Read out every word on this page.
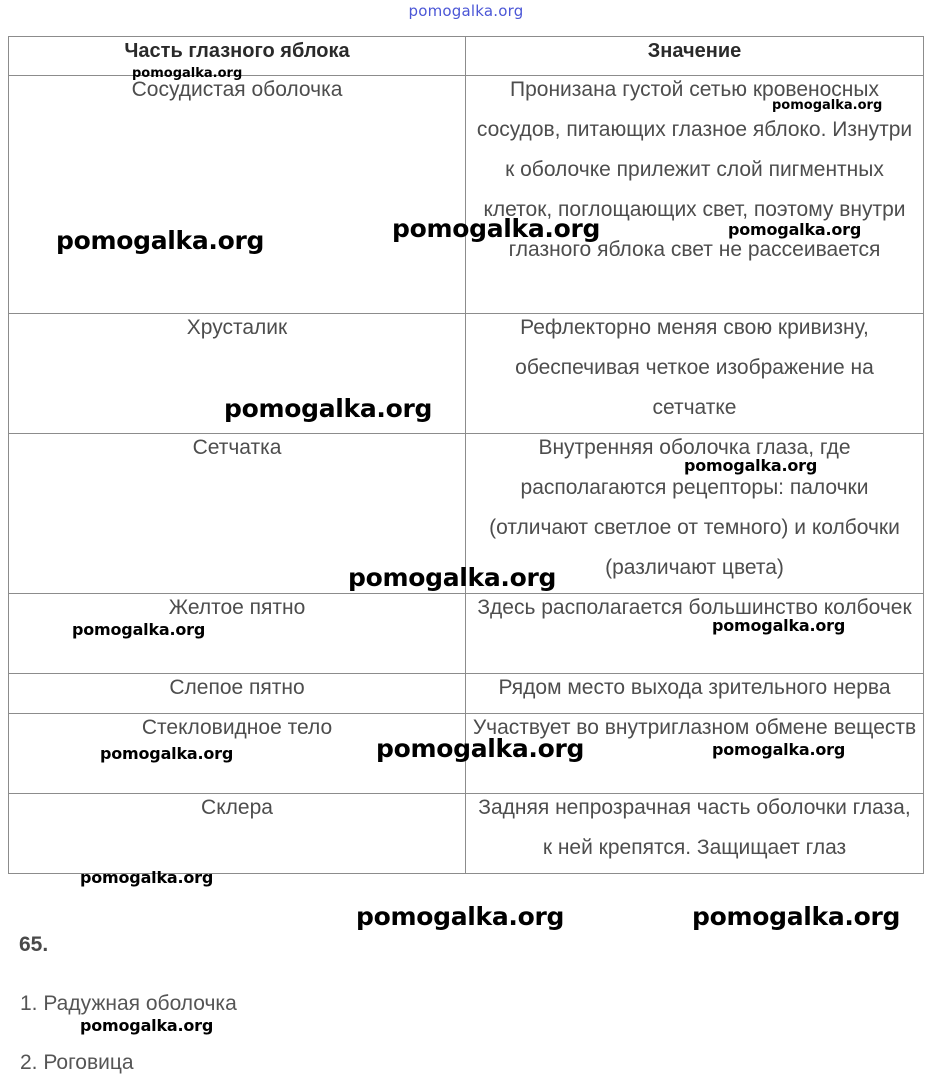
pomogalka.org
Часть глазного яблока	Значение

Сосудистая оболочка	Пронизана густой сетью кровеносных сосудов, питающих глазное яблоко. Изнутри к оболочке прилежит слой пигментных клеток, поглощающих свет, поэтому внутри глазного яблока свет не рассеивается

Хрусталик	Рефлекторно меняя свою кривизну, обеспечивая четкое изображение на сетчатке

Сетчатка	Внутренняя оболочка глаза, где располагаются рецепторы: палочки (отличают светлое от темного) и колбочки (различают цвета)

Желтое пятно	Здесь располагается большинство колбочек

Слепое пятно	Рядом место выхода зрительного нерва

Стекловидное тело	Участвует во внутриглазном обмене веществ

Склера	Задняя непрозрачная часть оболочки глаза, к ней крепятся. Защищает глаз
65.
1. Радужная оболочка
2. Роговица
pomogalka.org
pomogalka.org
pomogalka.org	pomogalka.org	pomogalka.org
pomogalka.org
pomogalka.org
pomogalka.org
pomogalka.org	pomogalka.org
pomogalka.org	pomogalka.org	pomogalka.org
pomogalka.org
pomogalka.org	pomogalka.org
pomogalka.org
